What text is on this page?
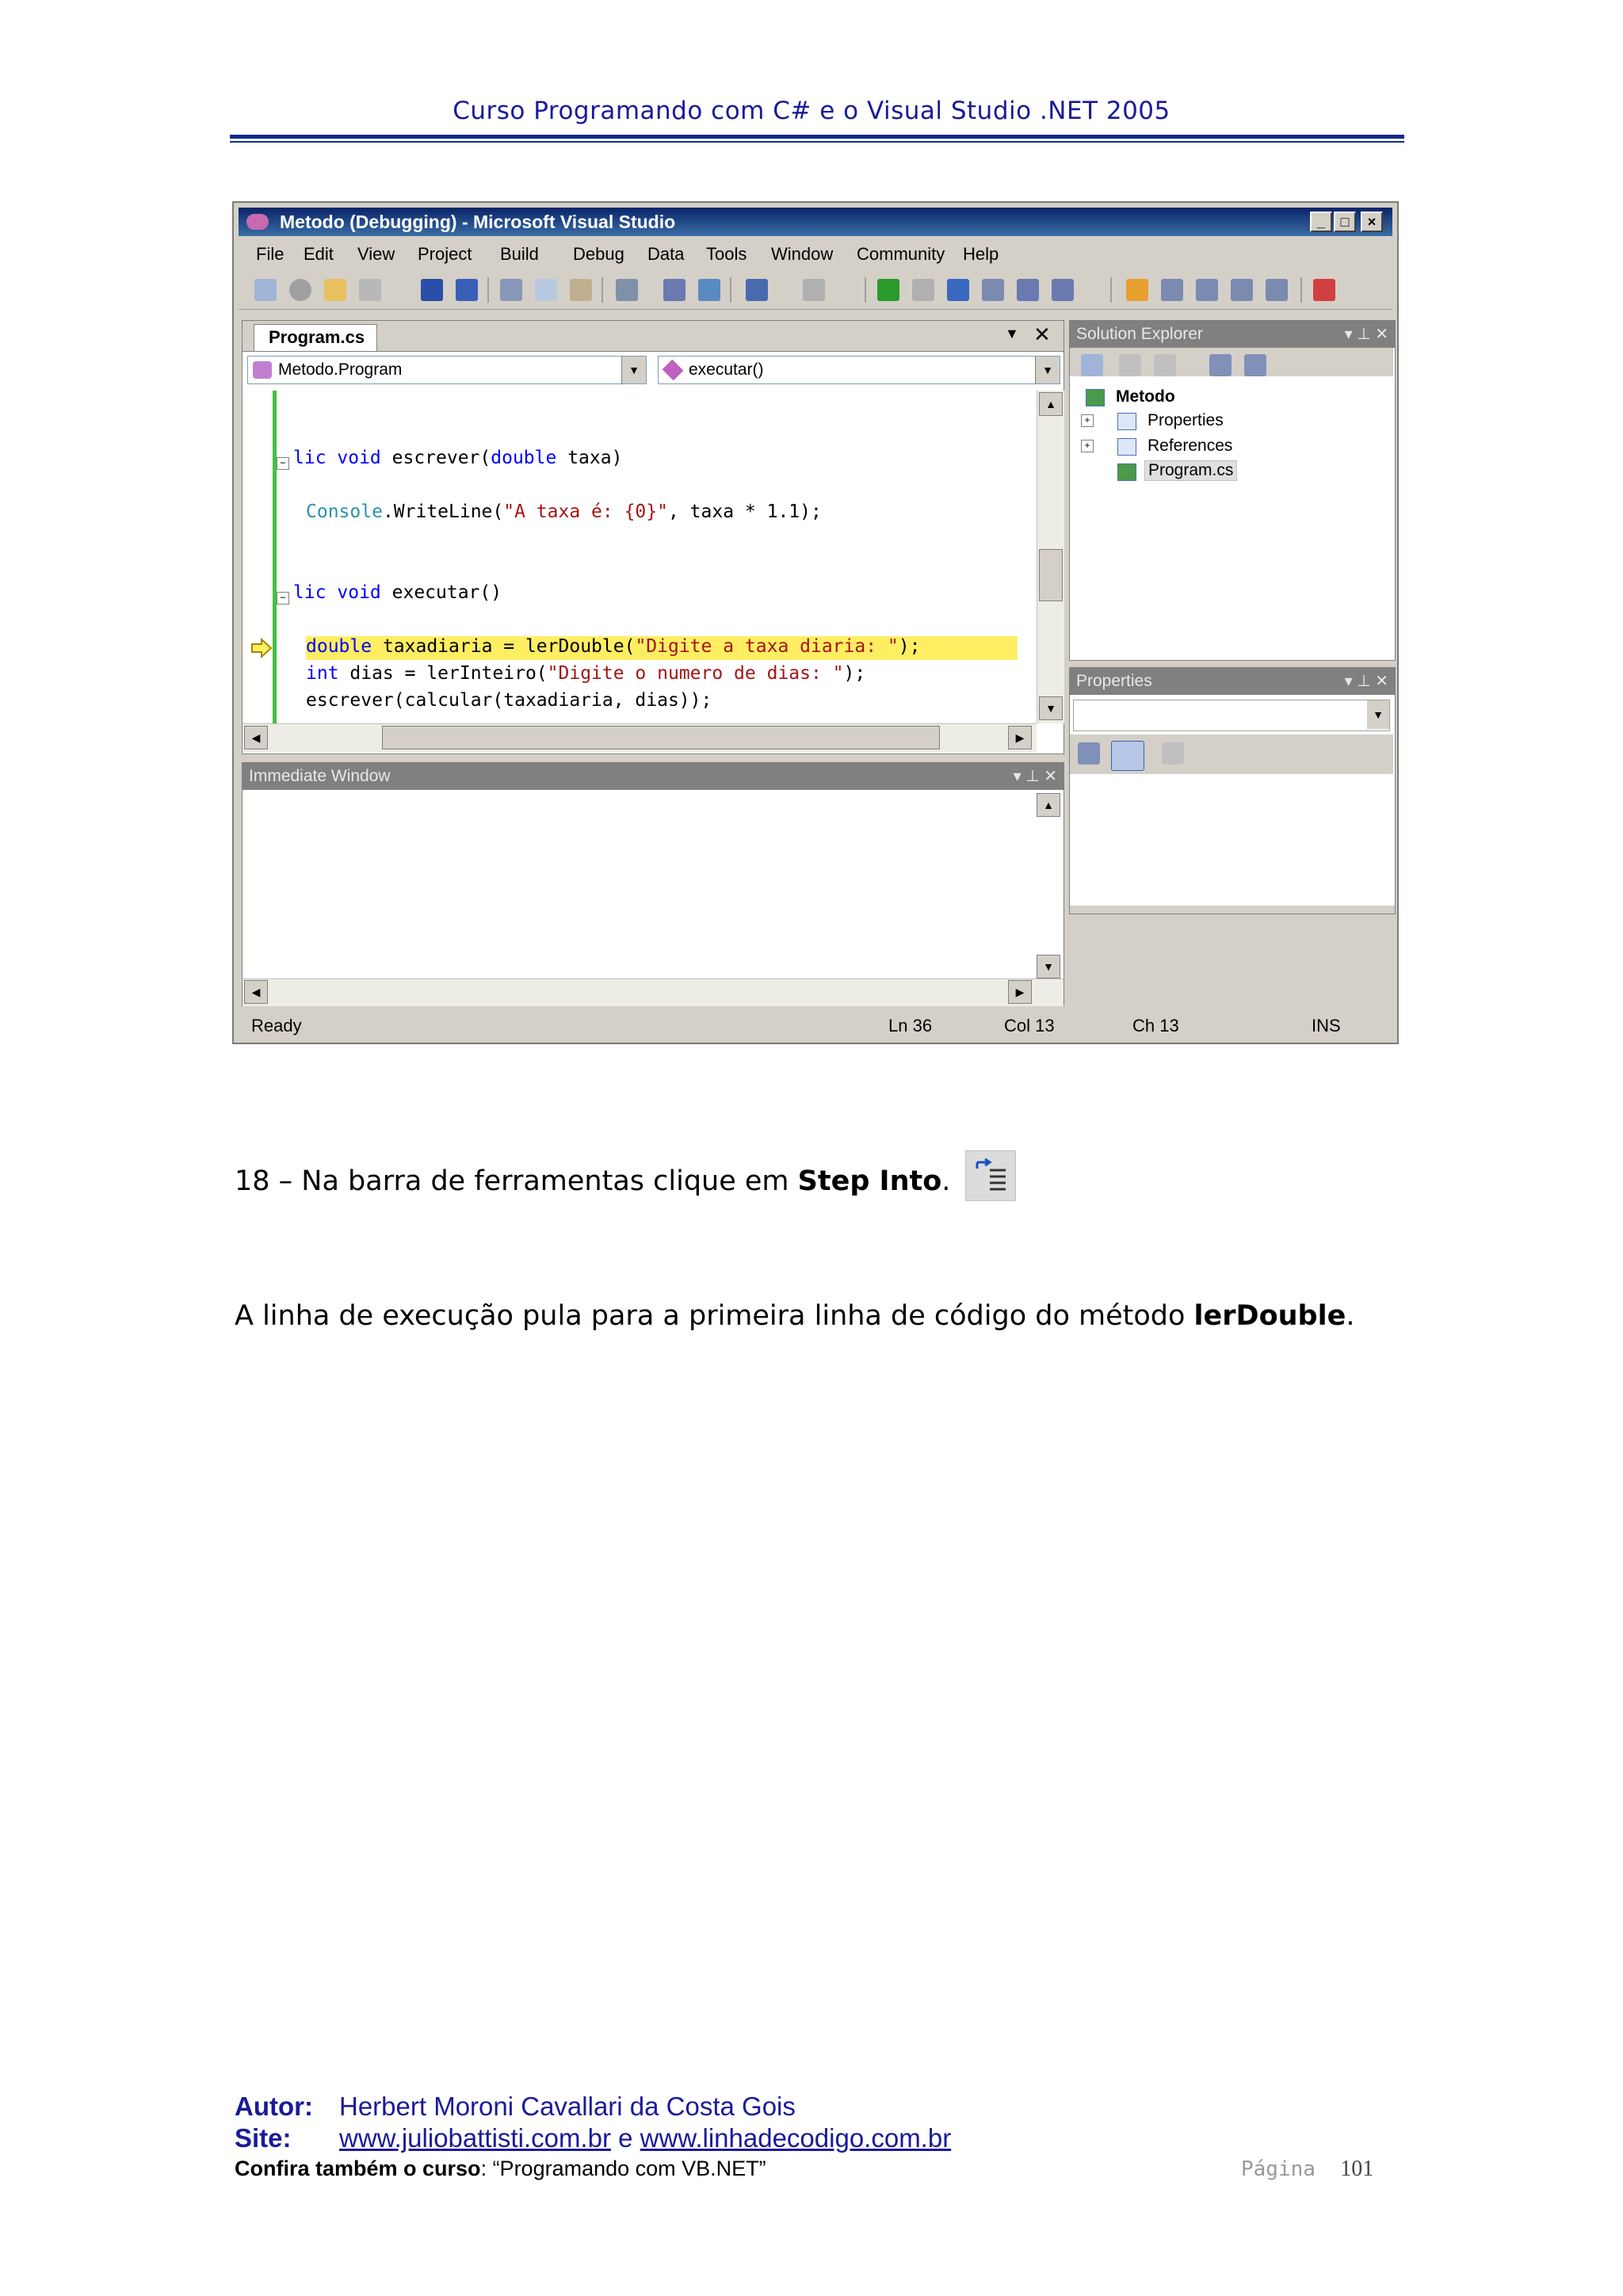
Curso Programando com C# e o Visual Studio .NET 2005
Metodo (Debugging) - Microsoft Visual Studio	_	□	×
File Edit View Project Build Debug Data Tools Window Community Help
Program.cs	▼ ✕
Metodo.Program	▼	executar()	▼
−
−
lic void escrever(double taxa)
Console.WriteLine("A taxa é: {0}", taxa * 1.1);
lic void executar()
double taxadiaria = lerDouble("Digite a taxa diaria: ");
int dias = lerInteiro("Digite o numero de dias: ");
escrever(calcular(taxadiaria, dias));
▲
▼
◀	▶
Immediate Window	▾ ⊥ ✕
▲
▼
◀	▶
Solution Explorer	▾ ⊥ ✕
Metodo
+	Properties
+	References
Program.cs
Properties	▾ ⊥ ✕
▼
Ready	Ln 36	Col 13	Ch 13	INS
18 – Na barra de ferramentas clique em Step Into.
A linha de execução pula para a primeira linha de código do método lerDouble.
Autor: Herbert Moroni Cavallari da Costa Gois
Site: www.juliobattisti.com.br e www.linhadecodigo.com.br
Confira também o curso: “Programando com VB.NET”	Página 101
